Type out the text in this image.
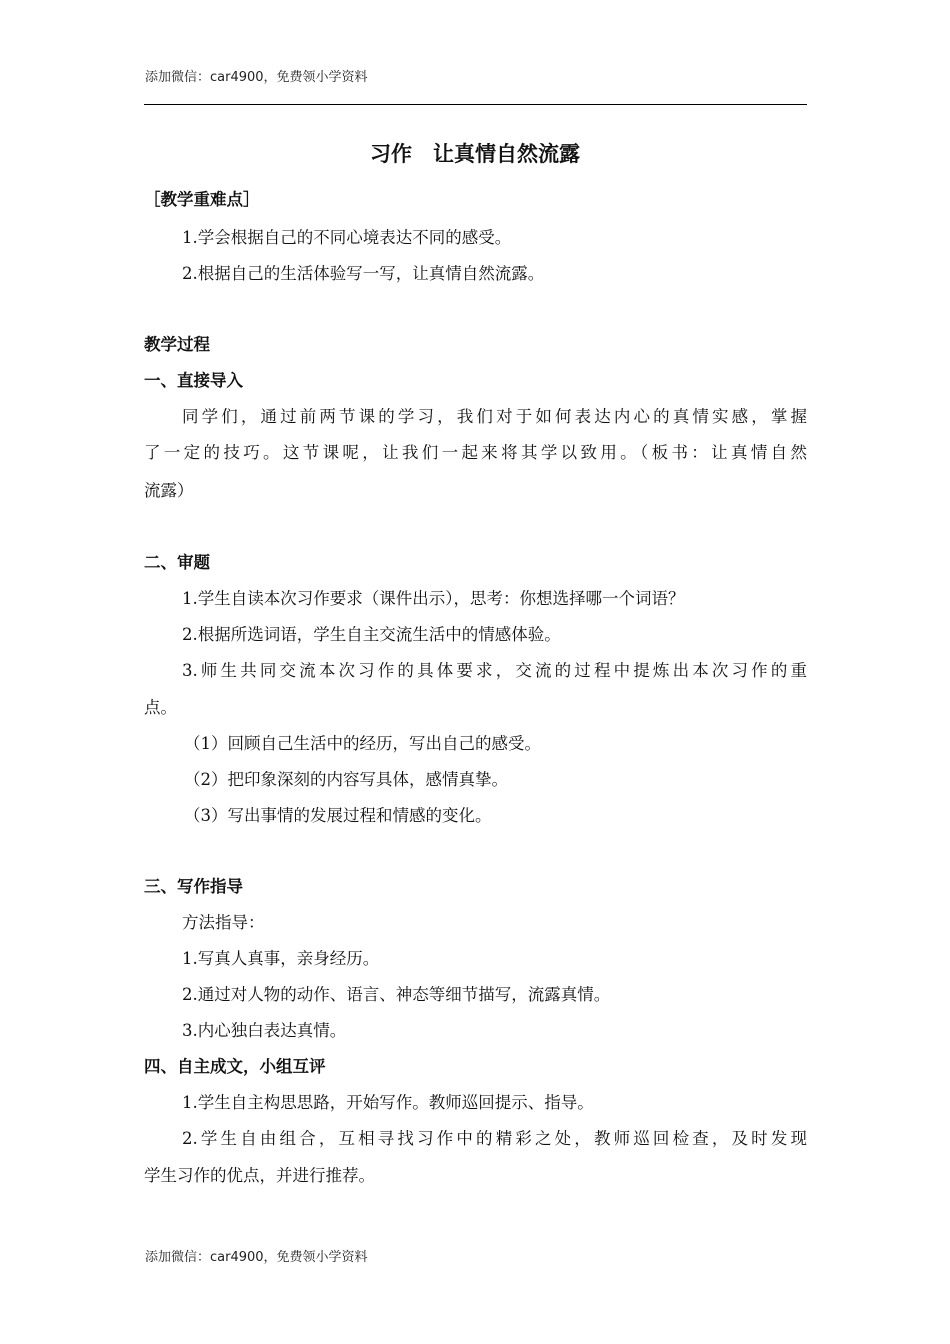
添加微信：car4900，免费领小学资料
习作　让真情自然流露
［教学重难点］
1.学会根据自己的不同心境表达不同的感受。
2.根据自己的生活体验写一写，让真情自然流露。
教学过程
一、直接导入
同学们，通过前两节课的学习，我们对于如何表达内心的真情实感，掌握
了一定的技巧。这节课呢，让我们一起来将其学以致用。（板书：让真情自然
流露）
二、审题
1.学生自读本次习作要求（课件出示），思考：你想选择哪一个词语？
2.根据所选词语，学生自主交流生活中的情感体验。
3.师生共同交流本次习作的具体要求，交流的过程中提炼出本次习作的重
点。
（1）回顾自己生活中的经历，写出自己的感受。
（2）把印象深刻的内容写具体，感情真挚。
（3）写出事情的发展过程和情感的变化。
三、写作指导
方法指导：
1.写真人真事，亲身经历。
2.通过对人物的动作、语言、神态等细节描写，流露真情。
3.内心独白表达真情。
四、自主成文，小组互评
1.学生自主构思思路，开始写作。教师巡回提示、指导。
2.学生自由组合，互相寻找习作中的精彩之处，教师巡回检查，及时发现
学生习作的优点，并进行推荐。
添加微信：car4900，免费领小学资料
